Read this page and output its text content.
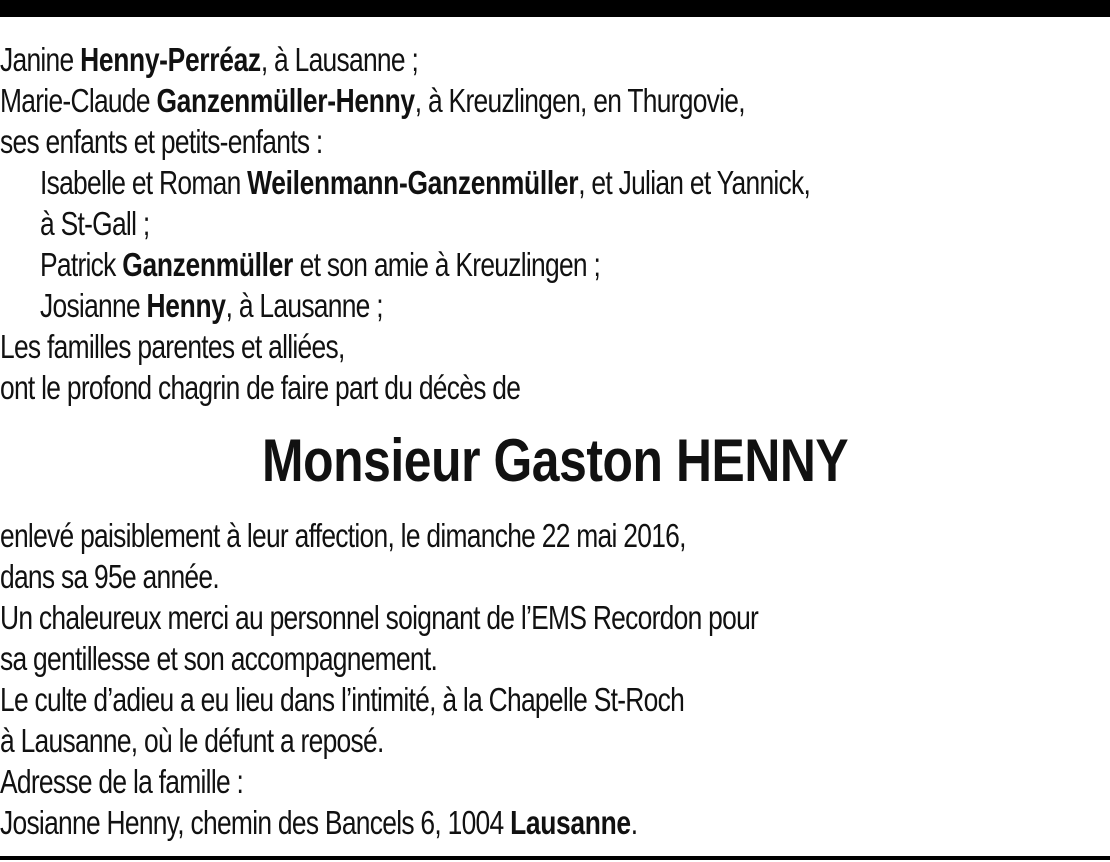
Janine Henny-Perréaz, à Lausanne ;

Marie-Claude Ganzenmüller-Henny, à Kreuzlingen, en Thurgovie,

ses enfants et petits-enfants :

Isabelle et Roman Weilenmann-Ganzenmüller, et Julian et Yannick,

à St-Gall ;

Patrick Ganzenmüller et son amie à Kreuzlingen ;

Josianne Henny, à Lausanne ;

Les familles parentes et alliées,

ont le profond chagrin de faire part du décès de

Monsieur Gaston HENNY

enlevé paisiblement à leur affection, le dimanche 22 mai 2016,

dans sa 95e année.

Un chaleureux merci au personnel soignant de l’EMS Recordon pour

sa gentillesse et son accompagnement.

Le culte d’adieu a eu lieu dans l’intimité, à la Chapelle St-Roch

à Lausanne, où le défunt a reposé.

Adresse de la famille :

Josianne Henny, chemin des Bancels 6, 1004 Lausanne.
